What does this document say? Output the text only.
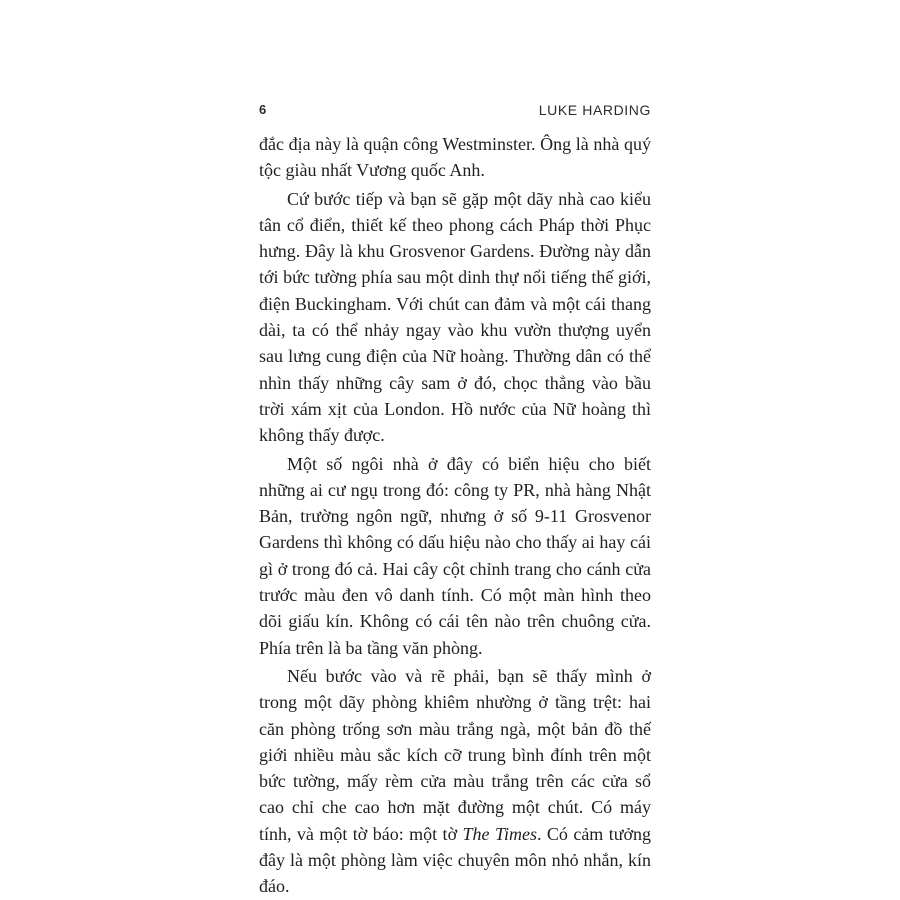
6	LUKE HARDING

đắc địa này là quận công Westminster. Ông là nhà quý tộc giàu nhất Vương quốc Anh.

Cứ bước tiếp và bạn sẽ gặp một dãy nhà cao kiểu tân cổ điển, thiết kế theo phong cách Pháp thời Phục hưng. Đây là khu Grosvenor Gardens. Đường này dẫn tới bức tường phía sau một dinh thự nổi tiếng thế giới, điện Buckingham. Với chút can đảm và một cái thang dài, ta có thể nhảy ngay vào khu vườn thượng uyển sau lưng cung điện của Nữ hoàng. Thường dân có thể nhìn thấy những cây sam ở đó, chọc thẳng vào bầu trời xám xịt của London. Hồ nước của Nữ hoàng thì không thấy được.

Một số ngôi nhà ở đây có biển hiệu cho biết những ai cư ngụ trong đó: công ty PR, nhà hàng Nhật Bản, trường ngôn ngữ, nhưng ở số 9-11 Grosvenor Gardens thì không có dấu hiệu nào cho thấy ai hay cái gì ở trong đó cả. Hai cây cột chỉnh trang cho cánh cửa trước màu đen vô danh tính. Có một màn hình theo dõi giấu kín. Không có cái tên nào trên chuông cửa. Phía trên là ba tầng văn phòng.

Nếu bước vào và rẽ phải, bạn sẽ thấy mình ở trong một dãy phòng khiêm nhường ở tầng trệt: hai căn phòng trống sơn màu trắng ngà, một bản đồ thế giới nhiều màu sắc kích cỡ trung bình đính trên một bức tường, mấy rèm cửa màu trắng trên các cửa sổ cao chỉ che cao hơn mặt đường một chút. Có máy tính, và một tờ báo: một tờ The Times. Có cảm tưởng đây là một phòng làm việc chuyên môn nhỏ nhắn, kín đáo.
